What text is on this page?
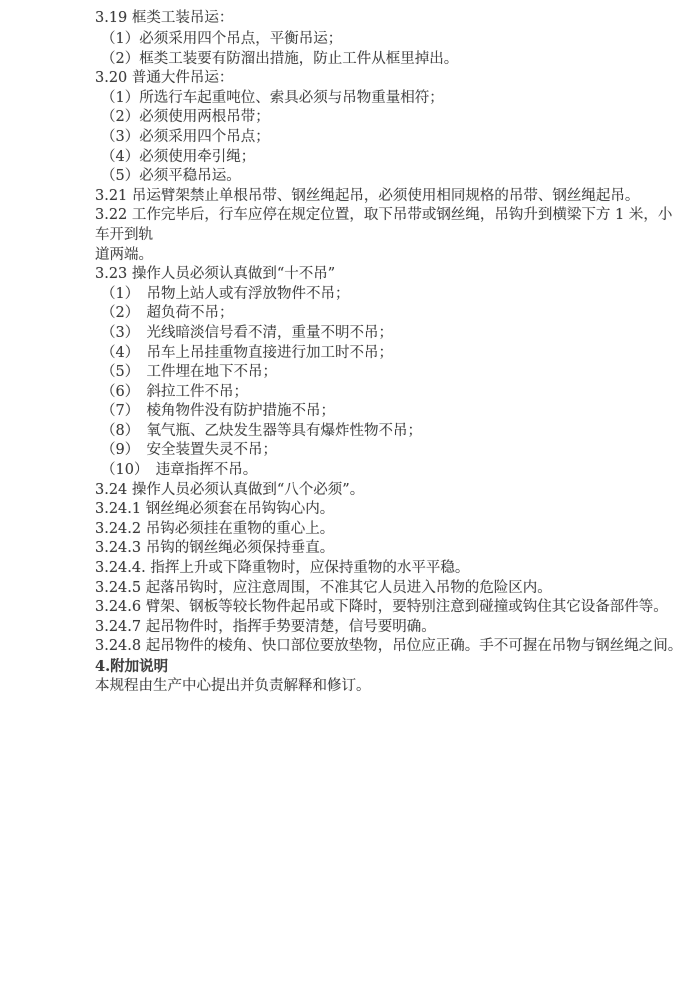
3.19 框类工装吊运：
（1）必须采用四个吊点，平衡吊运；
（2）框类工装要有防溜出措施，防止工件从框里掉出。
3.20 普通大件吊运：
（1）所选行车起重吨位、索具必须与吊物重量相符；
（2）必须使用两根吊带；
（3）必须采用四个吊点；
（4）必须使用牵引绳；
（5）必须平稳吊运。
3.21 吊运臂架禁止单根吊带、钢丝绳起吊，必须使用相同规格的吊带、钢丝绳起吊。
3.22 工作完毕后，行车应停在规定位置，取下吊带或钢丝绳，吊钩升到横梁下方 1 米，小
车开到轨
道两端。
3.23 操作人员必须认真做到“十不吊”
（1）　吊物上站人或有浮放物件不吊；
（2）　超负荷不吊；
（3）　光线暗淡信号看不清，重量不明不吊；
（4）　吊车上吊挂重物直接进行加工时不吊；
（5）　工件埋在地下不吊；
（6）　斜拉工件不吊；
（7）　棱角物件没有防护措施不吊；
（8）　氧气瓶、乙炔发生器等具有爆炸性物不吊；
（9）　安全装置失灵不吊；
（10）　违章指挥不吊。
3.24 操作人员必须认真做到“八个必须”。
3.24.1 钢丝绳必须套在吊钩钩心内。
3.24.2 吊钩必须挂在重物的重心上。
3.24.3 吊钩的钢丝绳必须保持垂直。
3.24.4. 指挥上升或下降重物时，应保持重物的水平平稳。
3.24.5 起落吊钩时，应注意周围，不准其它人员进入吊物的危险区内。
3.24.6 臂架、钢板等较长物件起吊或下降时，要特别注意到碰撞或钩住其它设备部件等。
3.24.7 起吊物件时，指挥手势要清楚，信号要明确。
3.24.8 起吊物件的棱角、快口部位要放垫物，吊位应正确。手不可握在吊物与钢丝绳之间。
4.附加说明
本规程由生产中心提出并负责解释和修订。
